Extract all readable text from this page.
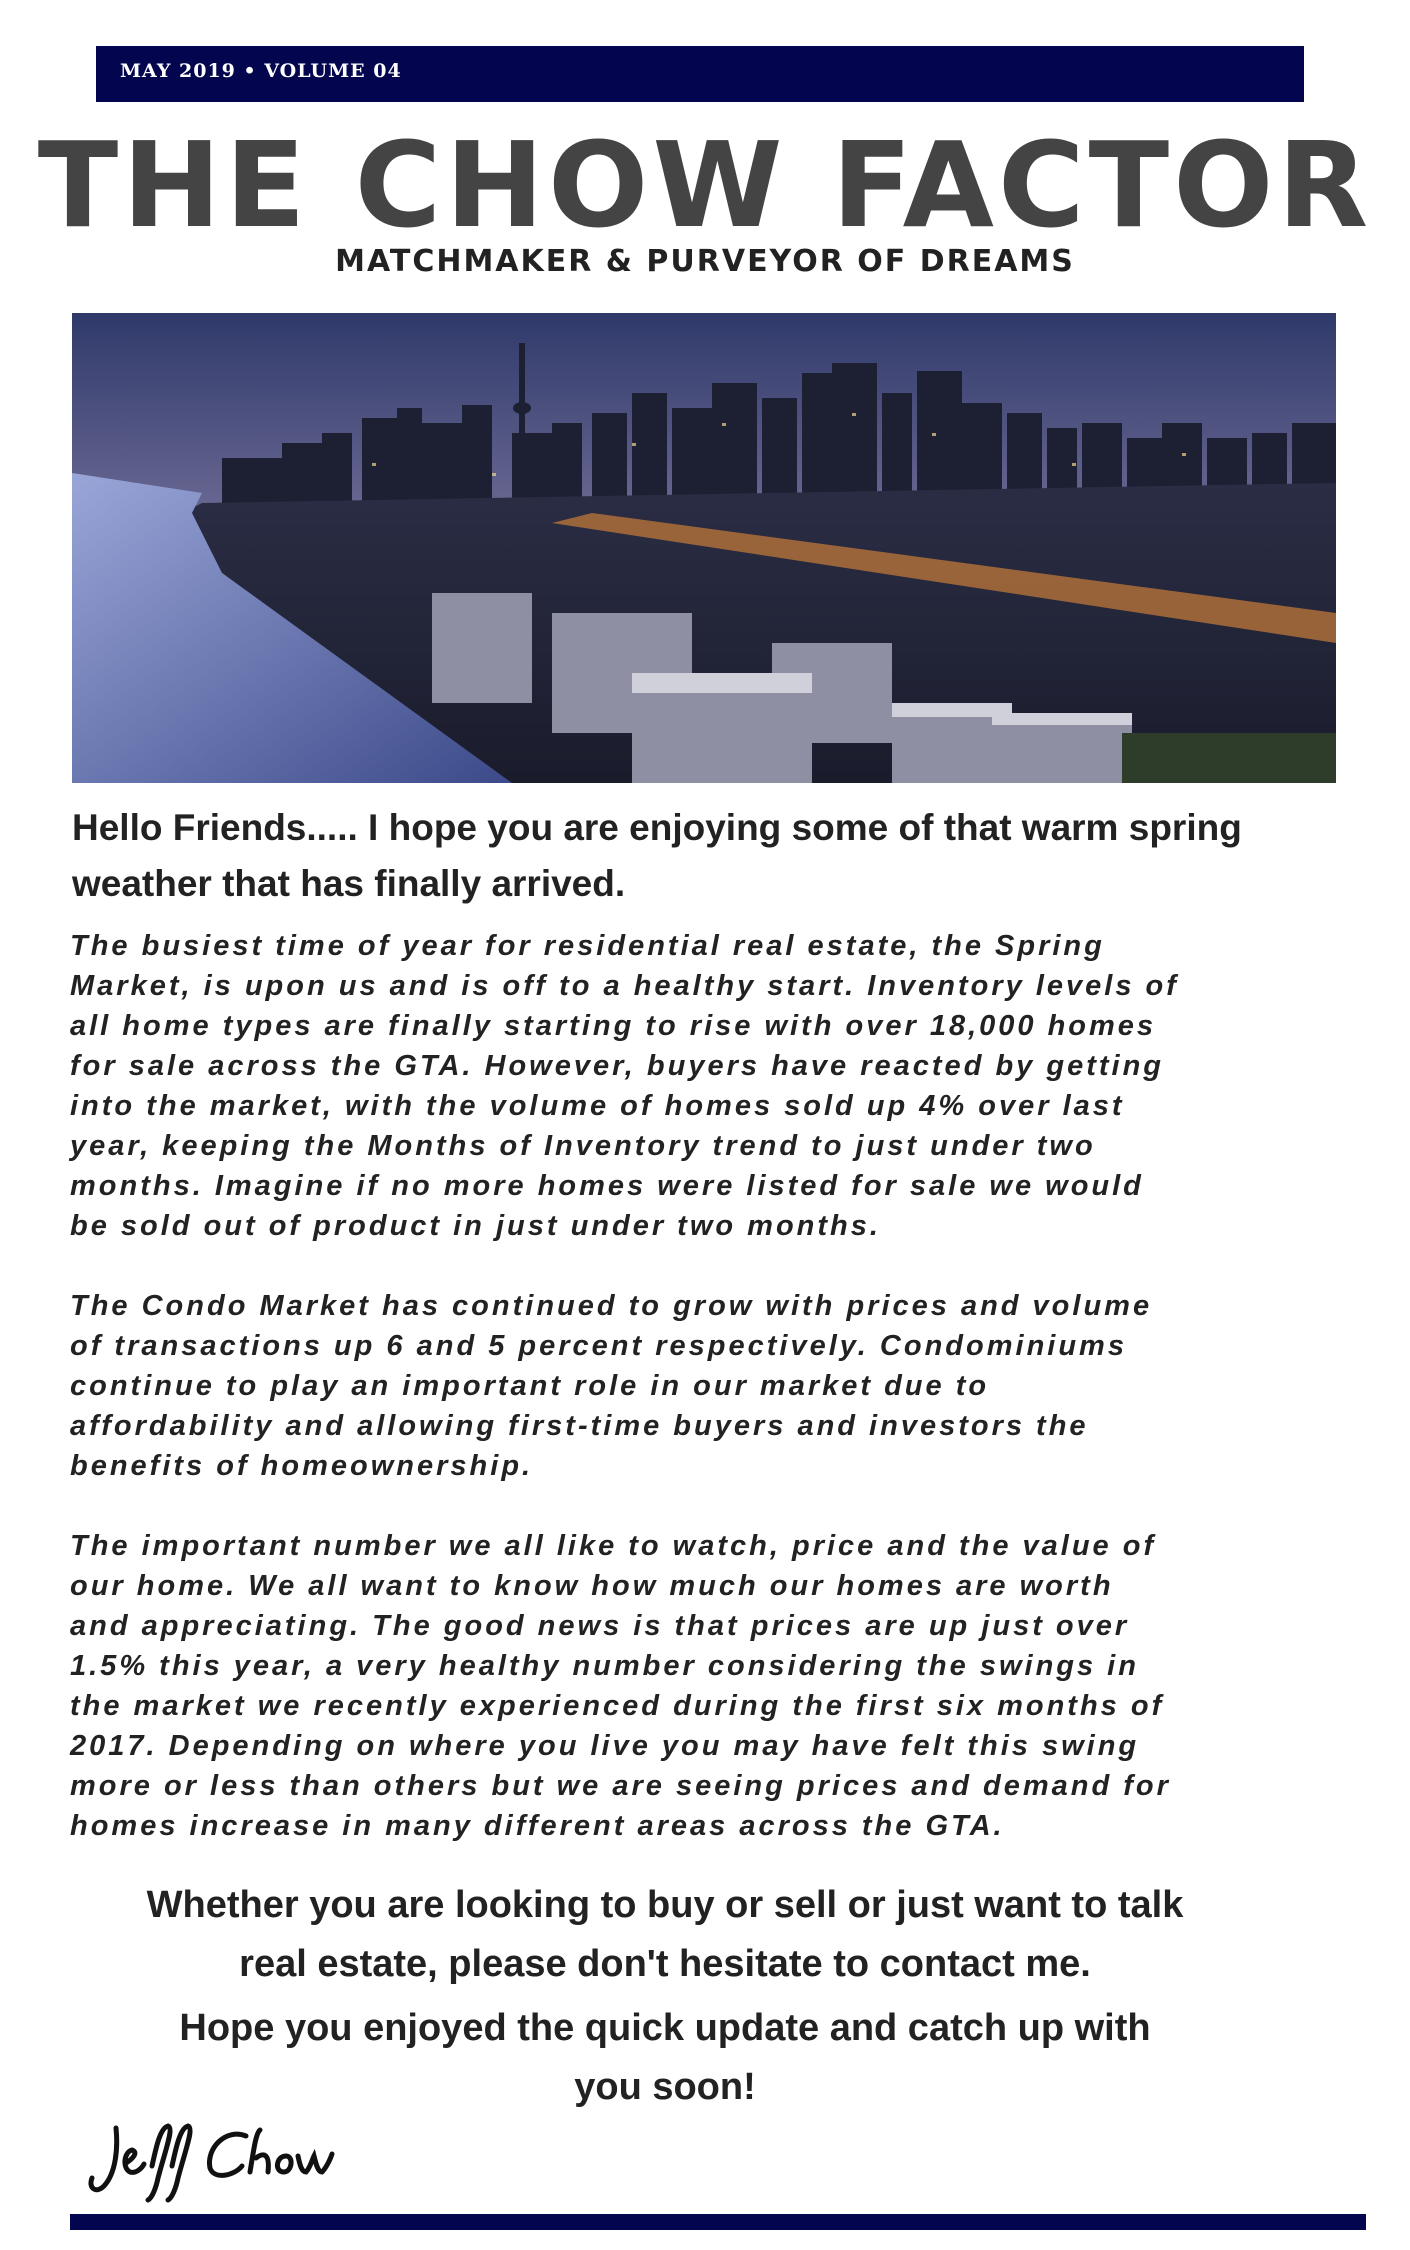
MAY 2019 • VOLUME 04
THE CHOW FACTOR
MATCHMAKER & PURVEYOR OF DREAMS
Hello Friends..... I hope you are enjoying some of that warm spring weather that has finally arrived.

The busiest time of year for residential real estate, the Spring
Market, is upon us and is off to a healthy start. Inventory levels of
all home types are finally starting to rise with over 18,000 homes
for sale across the GTA. However, buyers have reacted by getting
into the market, with the volume of homes sold up 4% over last
year, keeping the Months of Inventory trend to just under two
months. Imagine if no more homes were listed for sale we would
be sold out of product in just under two months.

The Condo Market has continued to grow with prices and volume
of transactions up 6 and 5 percent respectively. Condominiums
continue to play an important role in our market due to
affordability and allowing first-time buyers and investors the
benefits of homeownership.

The important number we all like to watch, price and the value of
our home. We all want to know how much our homes are worth
and appreciating. The good news is that prices are up just over
1.5% this year, a very healthy number considering the swings in
the market we recently experienced during the first six months of
2017. Depending on where you live you may have felt this swing
more or less than others but we are seeing prices and demand for
homes increase in many different areas across the GTA.

Whether you are looking to buy or sell or just want to talk
real estate, please don't hesitate to contact me.

Hope you enjoyed the quick update and catch up with
you soon!
